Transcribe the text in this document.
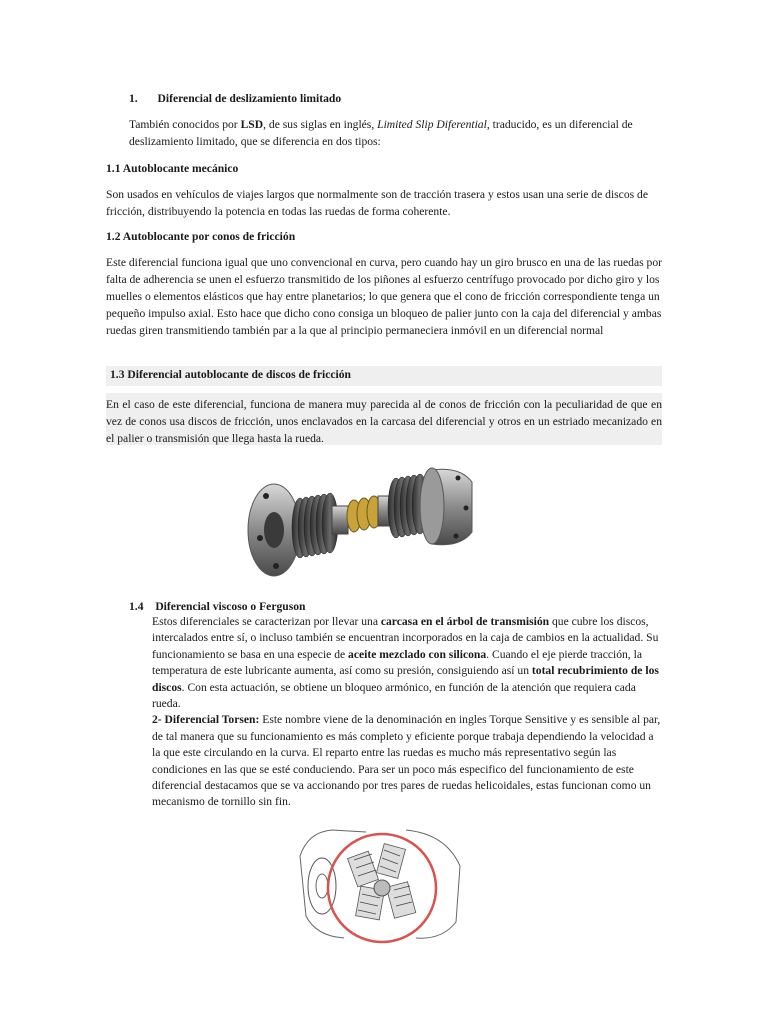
1. Diferencial de deslizamiento limitado

También conocidos por LSD, de sus siglas en inglés, Limited Slip Diferential, traducido, es un diferencial de deslizamiento limitado, que se diferencia en dos tipos:

1.1 Autoblocante mecánico

Son usados en vehículos de viajes largos que normalmente son de tracción trasera y estos usan una serie de discos de fricción, distribuyendo la potencia en todas las ruedas de forma coherente.

1.2 Autoblocante por conos de fricción

Este diferencial funciona igual que uno convencional en curva, pero cuando hay un giro brusco en una de las ruedas por falta de adherencia se unen el esfuerzo transmitido de los piñones al esfuerzo centrífugo provocado por dicho giro y los muelles o elementos elásticos que hay entre planetarios; lo que genera que el cono de fricción correspondiente tenga un pequeño impulso axial. Esto hace que dicho cono consiga un bloqueo de palier junto con la caja del diferencial y ambas ruedas giren transmitiendo también par a la que al principio permaneciera inmóvil en un diferencial normal

1.3 Diferencial autoblocante de discos de fricción

En el caso de este diferencial, funciona de manera muy parecida al de conos de fricción con la peculiaridad de que en vez de conos usa discos de fricción, unos enclavados en la carcasa del diferencial y otros en un estriado mecanizado en el palier o transmisión que llega hasta la rueda.

1.4 Diferencial viscoso o Ferguson

Estos diferenciales se caracterizan por llevar una carcasa en el árbol de transmisión que cubre los discos, intercalados entre sí, o incluso también se encuentran incorporados en la caja de cambios en la actualidad. Su funcionamiento se basa en una especie de aceite mezclado con silicona. Cuando el eje pierde tracción, la temperatura de este lubricante aumenta, así como su presión, consiguiendo así un total recubrimiento de los discos. Con esta actuación, se obtiene un bloqueo armónico, en función de la atención que requiera cada rueda.
2- Diferencial Torsen: Este nombre viene de la denominación en ingles Torque Sensitive y es sensible al par, de tal manera que su funcionamiento es más completo y eficiente porque trabaja dependiendo la velocidad a la que este circulando en la curva. El reparto entre las ruedas es mucho más representativo según las condiciones en las que se esté conduciendo. Para ser un poco más especifico del funcionamiento de este diferencial destacamos que se va accionando por tres pares de ruedas helicoidales, estas funcionan como un mecanismo de tornillo sin fin.
